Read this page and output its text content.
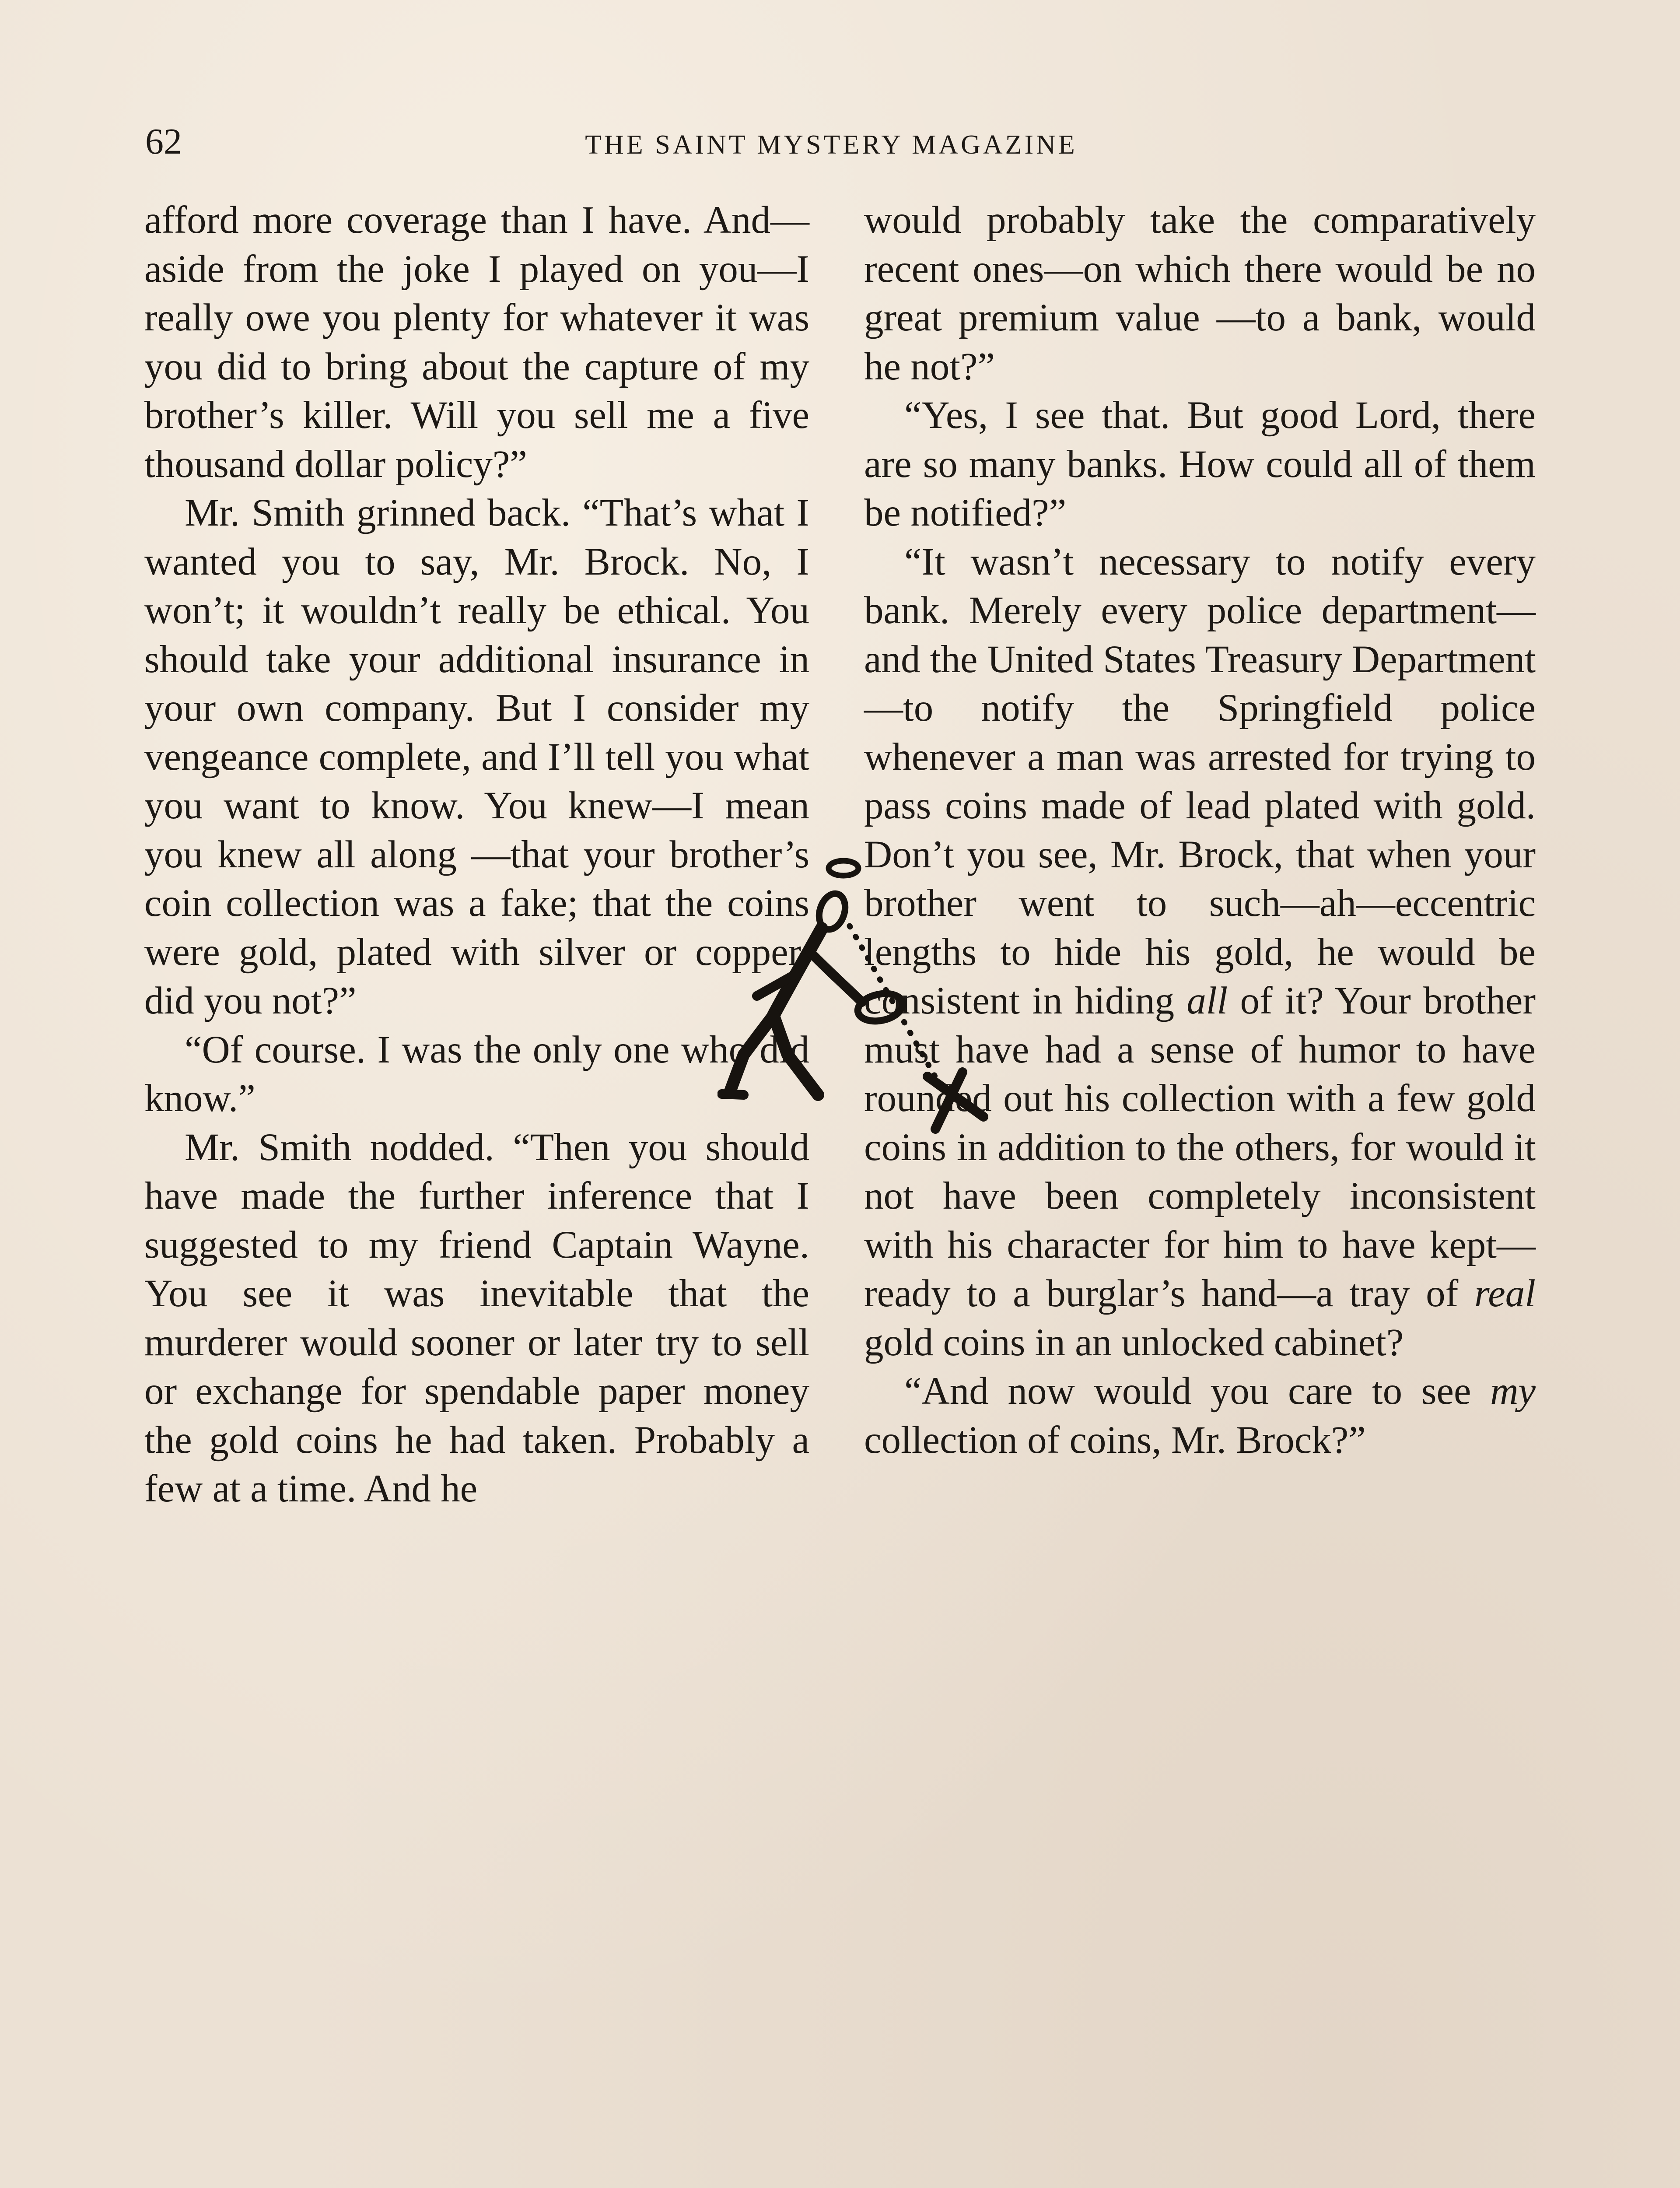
62	THE SAINT MYSTERY MAGAZINE

afford more coverage than I have. And—aside from the joke I played on you—I really owe you plenty for whatever it was you did to bring about the capture of my brother’s killer. Will you sell me a five thousand dollar policy?”

Mr. Smith grinned back. “That’s what I wanted you to say, Mr. Brock. No, I won’t; it wouldn’t really be ethical. You should take your additional insurance in your own company. But I consider my vengeance complete, and I’ll tell you what you want to know. You knew—I mean you knew all along —that your brother’s coin collection was a fake; that the coins were gold, plated with silver or copper, did you not?”

“Of course. I was the only one who did know.”

Mr. Smith nodded. “Then you should have made the further inference that I suggested to my friend Captain Wayne. You see it was inevitable that the murderer would sooner or later try to sell or exchange for spendable paper money the gold coins he had taken. Probably a few at a time. And he

would probably take the comparatively recent ones—on which there would be no great premium value —to a bank, would he not?”

“Yes, I see that. But good Lord, there are so many banks. How could all of them be notified?”

“It wasn’t necessary to notify every bank. Merely every police department—and the United States Treasury Department—to notify the Springfield police whenever a man was arrested for trying to pass coins made of lead plated with gold. Don’t you see, Mr. Brock, that when your brother went to such—ah—eccentric lengths to hide his gold, he would be consistent in hiding all of it? Your brother must have had a sense of humor to have rounded out his collection with a few gold coins in addition to the others, for would it not have been completely inconsistent with his character for him to have kept—ready to a burglar’s hand—a tray of real gold coins in an unlocked cabinet?

“And now would you care to see my collection of coins, Mr. Brock?”
